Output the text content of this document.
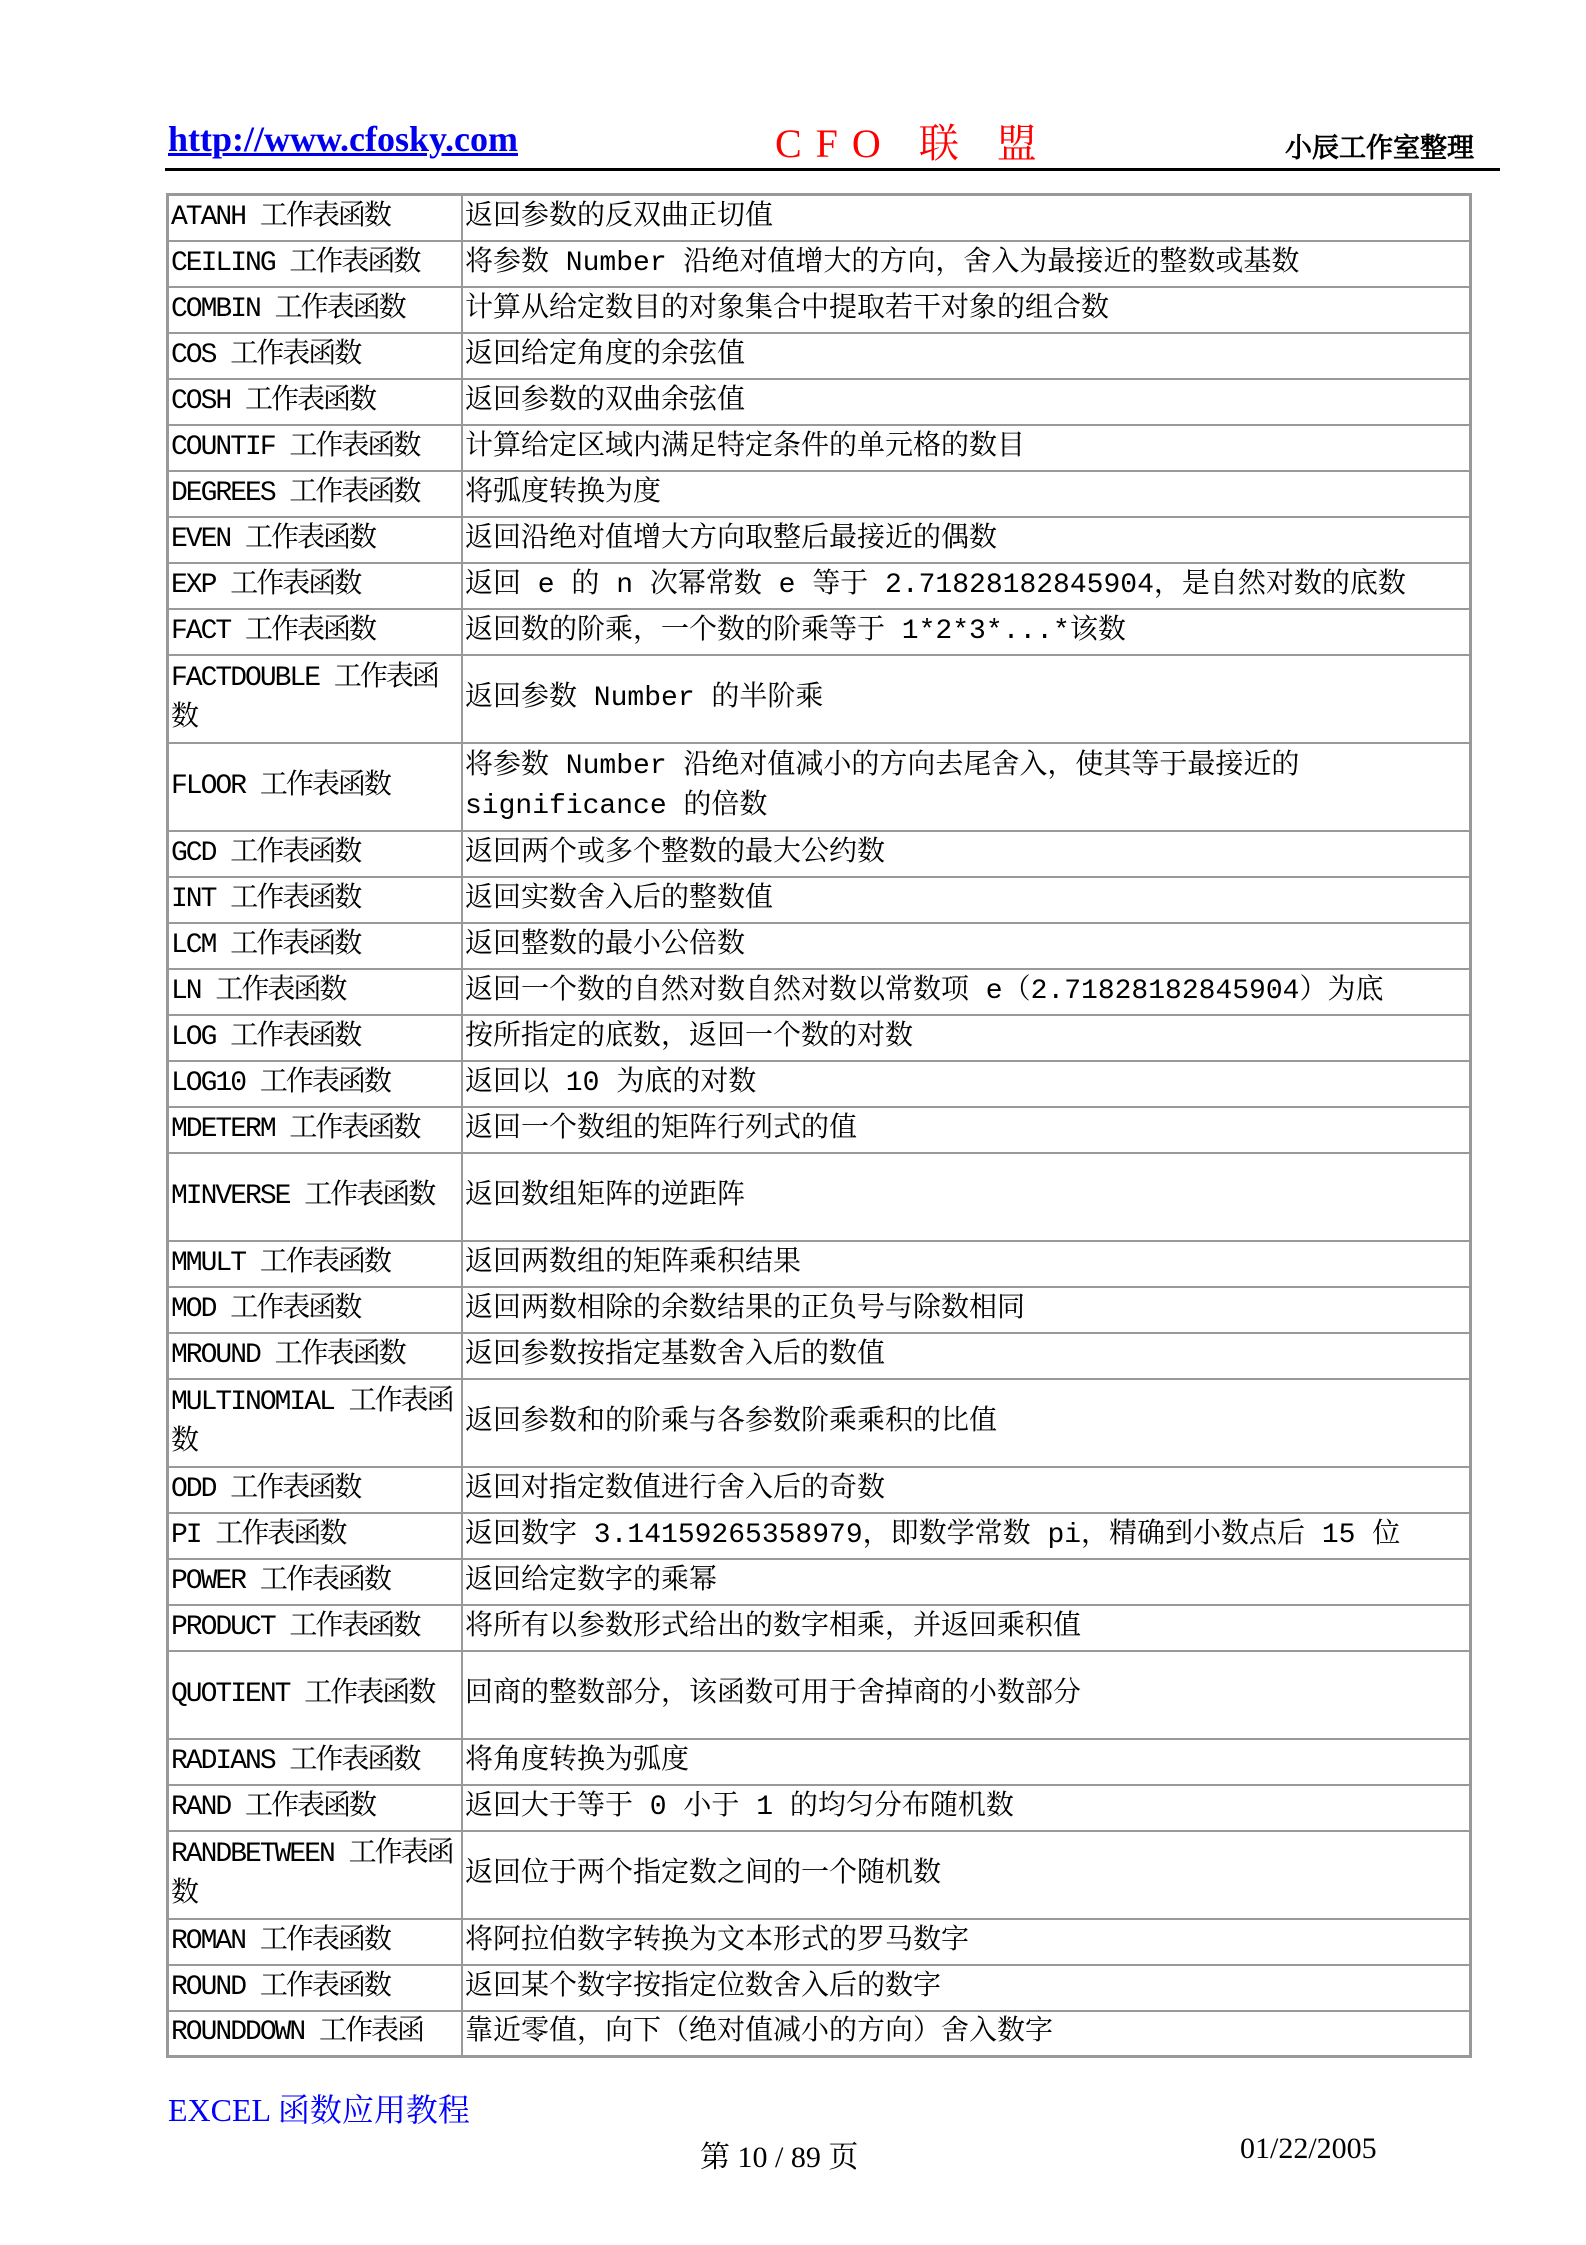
http://www.cfosky.com	CFO 联 盟	小辰工作室整理
ATANH 工作表函数	返回参数的反双曲正切值
CEILING 工作表函数	将参数 Number 沿绝对值增大的方向，舍入为最接近的整数或基数
COMBIN 工作表函数	计算从给定数目的对象集合中提取若干对象的组合数
COS 工作表函数	返回给定角度的余弦值
COSH 工作表函数	返回参数的双曲余弦值
COUNTIF 工作表函数	计算给定区域内满足特定条件的单元格的数目
DEGREES 工作表函数	将弧度转换为度
EVEN 工作表函数	返回沿绝对值增大方向取整后最接近的偶数
EXP 工作表函数	返回 e 的 n 次幂常数 e 等于 2.71828182845904，是自然对数的底数
FACT 工作表函数	返回数的阶乘，一个数的阶乘等于 1*2*3*...*该数
FACTDOUBLE 工作表函数	返回参数 Number 的半阶乘
FLOOR 工作表函数	将参数 Number 沿绝对值减小的方向去尾舍入，使其等于最接近的 significance 的倍数
GCD 工作表函数	返回两个或多个整数的最大公约数
INT 工作表函数	返回实数舍入后的整数值
LCM 工作表函数	返回整数的最小公倍数
LN 工作表函数	返回一个数的自然对数自然对数以常数项 e（2.71828182845904）为底
LOG 工作表函数	按所指定的底数，返回一个数的对数
LOG10 工作表函数	返回以 10 为底的对数
MDETERM 工作表函数	返回一个数组的矩阵行列式的值
MINVERSE 工作表函数	返回数组矩阵的逆距阵
MMULT 工作表函数	返回两数组的矩阵乘积结果
MOD 工作表函数	返回两数相除的余数结果的正负号与除数相同
MROUND 工作表函数	返回参数按指定基数舍入后的数值
MULTINOMIAL 工作表函数	返回参数和的阶乘与各参数阶乘乘积的比值
ODD 工作表函数	返回对指定数值进行舍入后的奇数
PI 工作表函数	返回数字 3.14159265358979，即数学常数 pi，精确到小数点后 15 位
POWER 工作表函数	返回给定数字的乘幂
PRODUCT 工作表函数	将所有以参数形式给出的数字相乘，并返回乘积值
QUOTIENT 工作表函数	回商的整数部分，该函数可用于舍掉商的小数部分
RADIANS 工作表函数	将角度转换为弧度
RAND 工作表函数	返回大于等于 0 小于 1 的均匀分布随机数
RANDBETWEEN 工作表函数	返回位于两个指定数之间的一个随机数
ROMAN 工作表函数	将阿拉伯数字转换为文本形式的罗马数字
ROUND 工作表函数	返回某个数字按指定位数舍入后的数字
ROUNDDOWN 工作表函	靠近零值，向下（绝对值减小的方向）舍入数字
EXCEL 函数应用教程
第 10 / 89 页	01/22/2005
